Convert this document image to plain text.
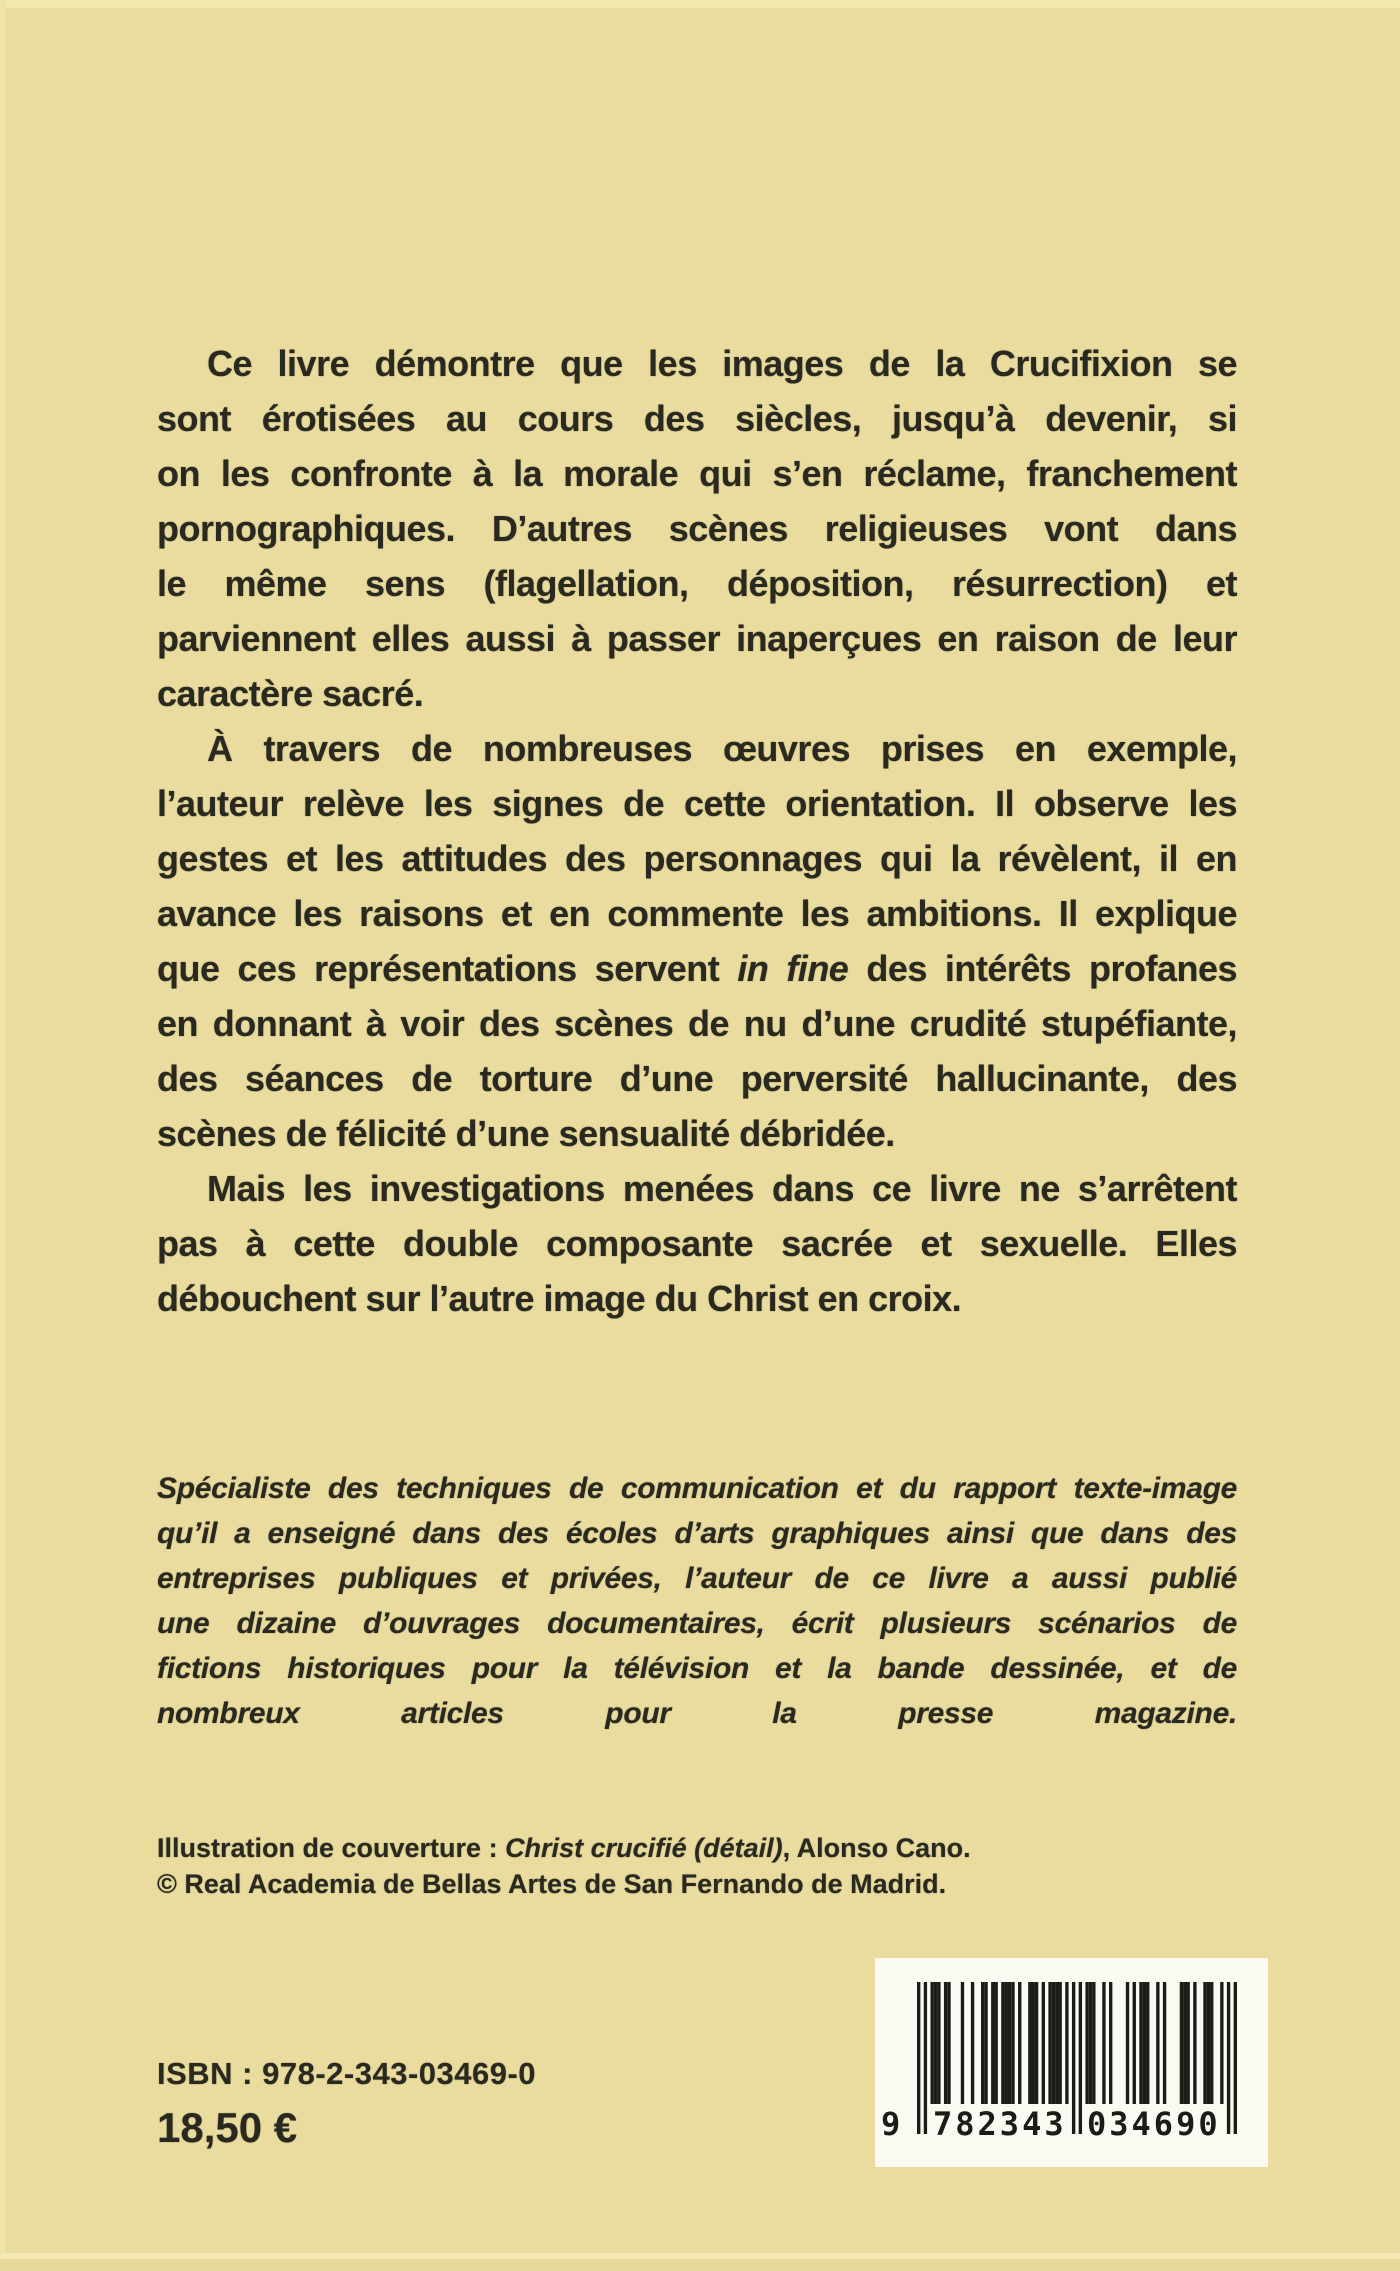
Ce livre démontre que les images de la Crucifixion se
sont érotisées au cours des siècles, jusqu’à devenir, si
on les confronte à la morale qui s’en réclame, franchement
pornographiques. D’autres scènes religieuses vont dans
le même sens (flagellation, déposition, résurrection) et
parviennent elles aussi à passer inaperçues en raison de leur
caractère sacré.
À travers de nombreuses œuvres prises en exemple,
l’auteur relève les signes de cette orientation. Il observe les
gestes et les attitudes des personnages qui la révèlent, il en
avance les raisons et en commente les ambitions. Il explique
que ces représentations servent in fine des intérêts profanes
en donnant à voir des scènes de nu d’une crudité stupéfiante,
des séances de torture d’une perversité hallucinante, des
scènes de félicité d’une sensualité débridée.
Mais les investigations menées dans ce livre ne s’arrêtent
pas à cette double composante sacrée et sexuelle. Elles
débouchent sur l’autre image du Christ en croix.
Spécialiste des techniques de communication et du rapport texte-image
qu’il a enseigné dans des écoles d’arts graphiques ainsi que dans des
entreprises publiques et privées, l’auteur de ce livre a aussi publié
une dizaine d’ouvrages documentaires, écrit plusieurs scénarios de
fictions historiques pour la télévision et la bande dessinée, et de
nombreux articles pour la presse magazine.
Illustration de couverture : Christ crucifié (détail), Alonso Cano.
© Real Academia de Bellas Artes de San Fernando de Madrid.
ISBN : 978-2-343-03469-0
18,50 €	9 782343 034690
